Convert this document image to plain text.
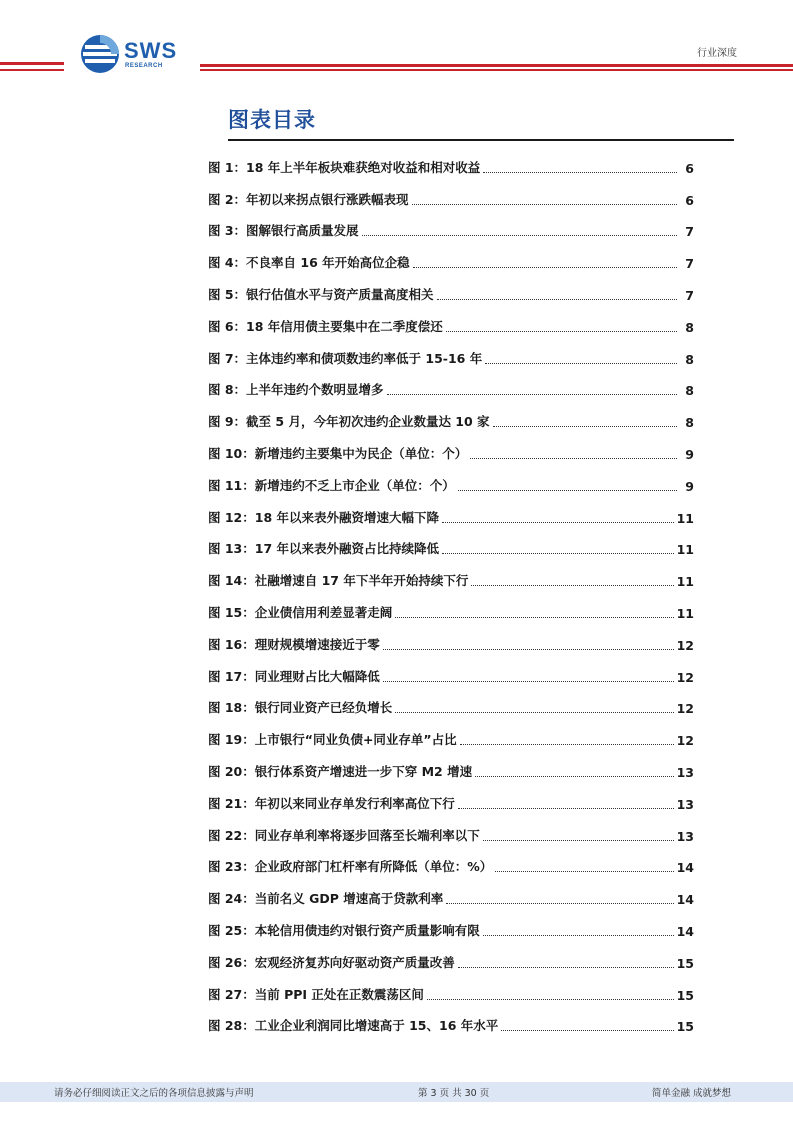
SWS
RESEARCH
行业深度
图表目录
图 1：18 年上半年板块难获绝对收益和相对收益	6
图 2：年初以来拐点银行涨跌幅表现	6
图 3：图解银行高质量发展	7
图 4：不良率自 16 年开始高位企稳	7
图 5：银行估值水平与资产质量高度相关	7
图 6：18 年信用债主要集中在二季度偿还	8
图 7：主体违约率和债项数违约率低于 15-16 年	8
图 8：上半年违约个数明显增多	8
图 9：截至 5 月，今年初次违约企业数量达 10 家	8
图 10：新增违约主要集中为民企（单位：个）	9
图 11：新增违约不乏上市企业（单位：个）	9
图 12：18 年以来表外融资增速大幅下降	11
图 13：17 年以来表外融资占比持续降低	11
图 14：社融增速自 17 年下半年开始持续下行	11
图 15：企业债信用利差显著走阔	11
图 16：理财规模增速接近于零	12
图 17：同业理财占比大幅降低	12
图 18：银行同业资产已经负增长	12
图 19：上市银行“同业负债+同业存单”占比	12
图 20：银行体系资产增速进一步下穿 M2 增速	13
图 21：年初以来同业存单发行利率高位下行	13
图 22：同业存单利率将逐步回落至长端利率以下	13
图 23：企业政府部门杠杆率有所降低（单位：%）	14
图 24：当前名义 GDP 增速高于贷款利率	14
图 25：本轮信用债违约对银行资产质量影响有限	14
图 26：宏观经济复苏向好驱动资产质量改善	15
图 27：当前 PPI 正处在正数震荡区间	15
图 28：工业企业利润同比增速高于 15、16 年水平	15
请务必仔细阅读正文之后的各项信息披露与声明	第 3 页 共 30 页	简单金融 成就梦想
